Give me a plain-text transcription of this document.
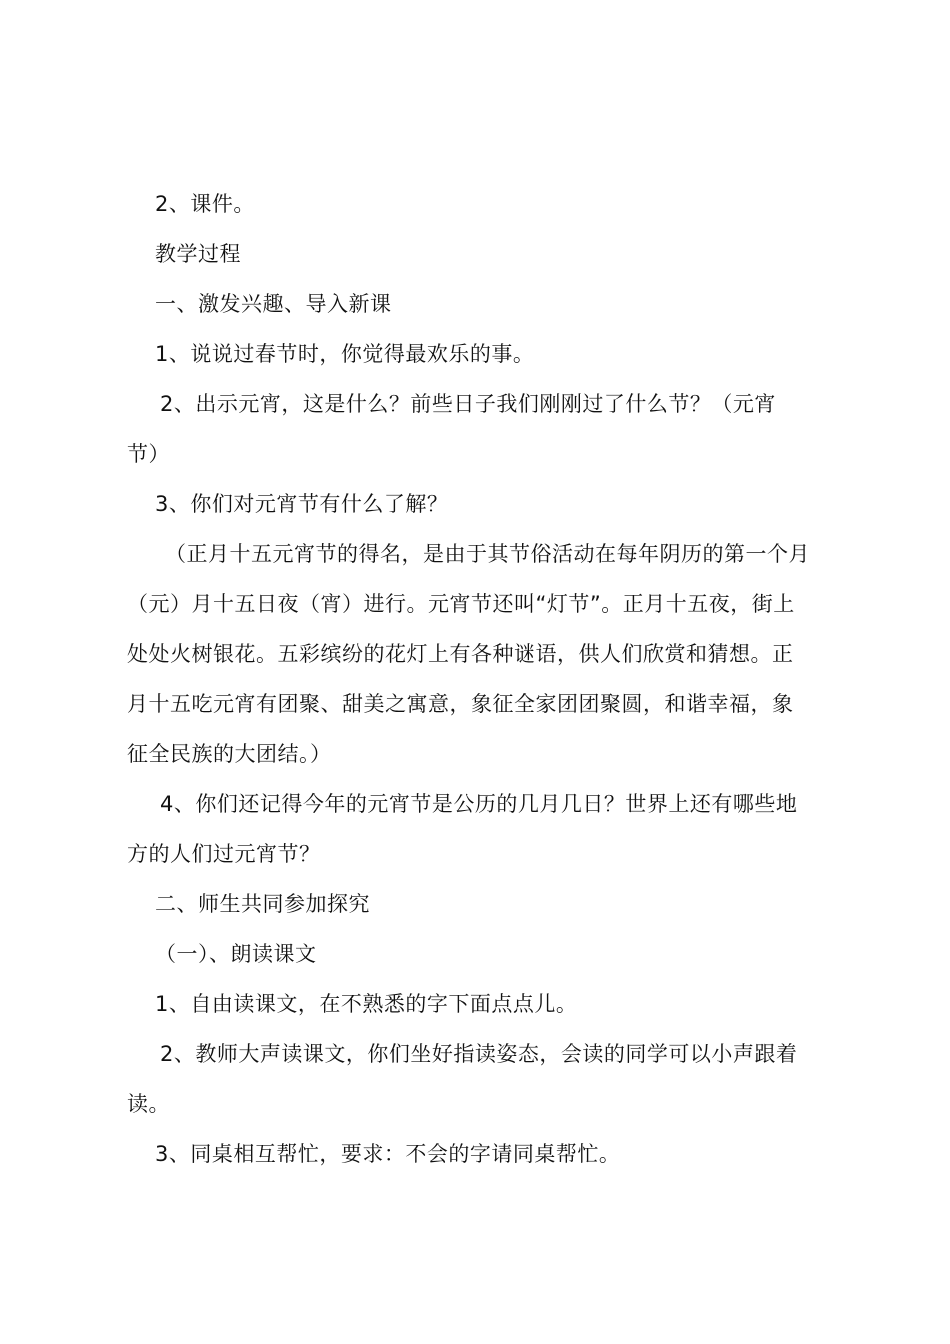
2、课件。
教学过程
一、激发兴趣、导入新课
1、说说过春节时，你觉得最欢乐的事。
2、出示元宵，这是什么？前些日子我们刚刚过了什么节？（元宵
节）
3、你们对元宵节有什么了解？
（正月十五元宵节的得名，是由于其节俗活动在每年阴历的第一个月
（元）月十五日夜（宵）进行。元宵节还叫“灯节”。正月十五夜，街上
处处火树银花。五彩缤纷的花灯上有各种谜语，供人们欣赏和猜想。正
月十五吃元宵有团聚、甜美之寓意，象征全家团团聚圆，和谐幸福，象
征全民族的大团结。）
4、你们还记得今年的元宵节是公历的几月几日？世界上还有哪些地
方的人们过元宵节？
二、师生共同参加探究
（一）、朗读课文
1、自由读课文，在不熟悉的字下面点点儿。
2、教师大声读课文，你们坐好指读姿态，会读的同学可以小声跟着
读。
3、同桌相互帮忙，要求：不会的字请同桌帮忙。
